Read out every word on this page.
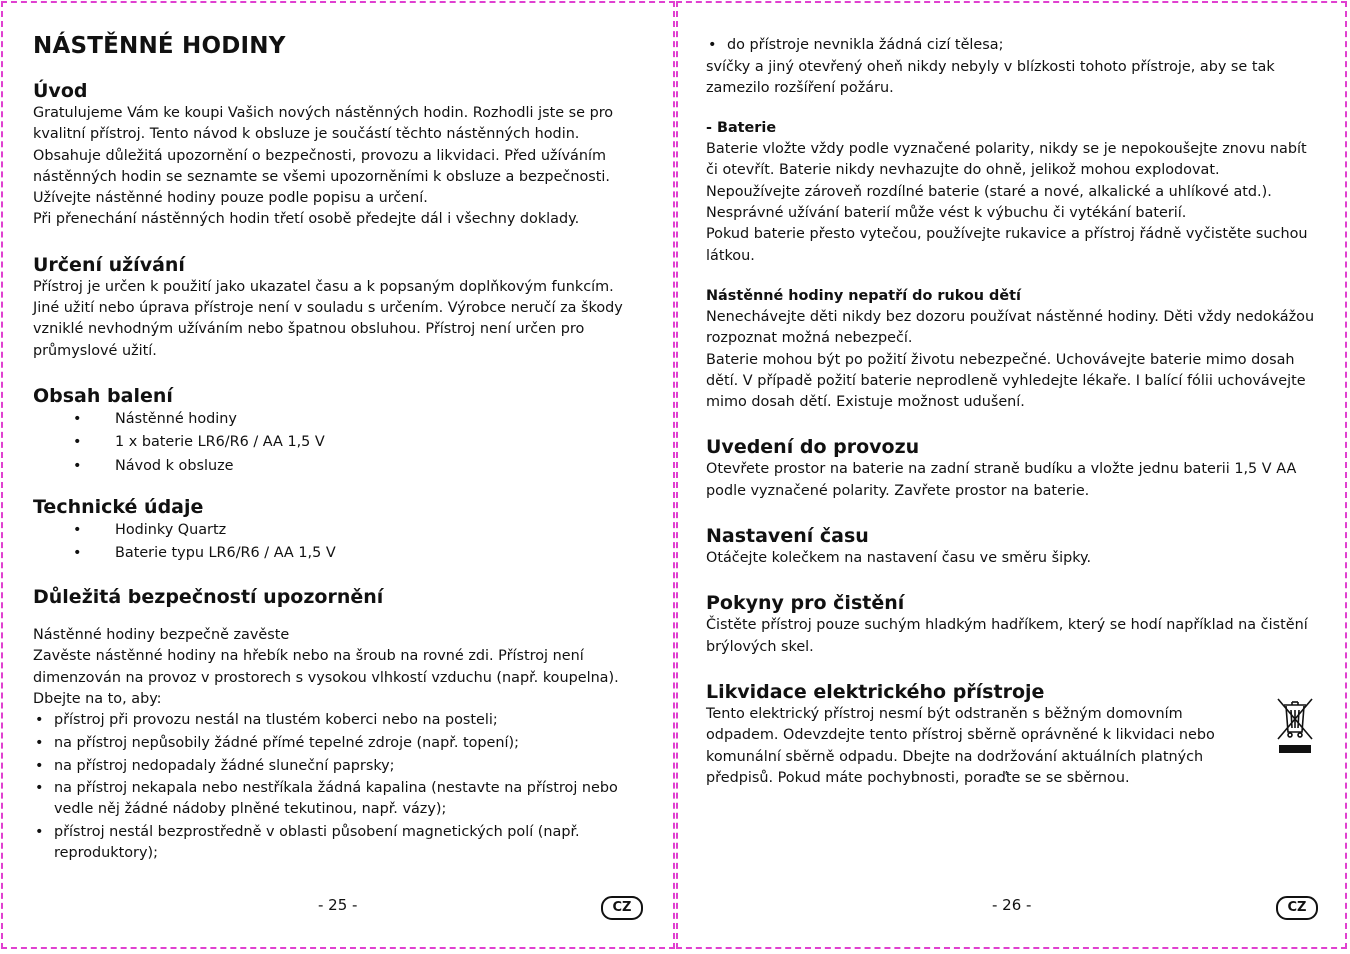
NÁSTĚNNÉ HODINY
Úvod

Gratulujeme Vám ke koupi Vašich nových nástěnných hodin. Rozhodli jste se pro kvalitní přístroj. Tento návod k obsluze je součástí těchto nástěnných hodin. Obsahuje důležitá upozornění o bezpečnosti, provozu a likvidaci. Před užíváním nástěnných hodin se seznamte se všemi upozorněními k obsluze a bezpečnosti. Užívejte nástěnné hodiny pouze podle popisu a určení.

Při přenechání nástěnných hodin třetí osobě předejte dál i všechny doklady.

Určení užívání

Přístroj je určen k použití jako ukazatel času a k popsaným doplňkovým funkcím. Jiné užití nebo úprava přístroje není v souladu s určením. Výrobce neručí za škody vzniklé nevhodným užíváním nebo špatnou obsluhou. Přístroj není určen pro průmyslové užití.

Obsah balení
• Nástěnné hodiny
• 1 x baterie LR6/R6 / AA 1,5 V
• Návod k obsluze
Technické údaje
• Hodinky Quartz
• Baterie typu LR6/R6 / AA 1,5 V
Důležitá bezpečností upozornění
Nástěnné hodiny bezpečně zavěste

Zavěste nástěnné hodiny na hřebík nebo na šroub na rovné zdi. Přístroj není dimenzován na provoz v prostorech s vysokou vlhkostí vzduchu (např. koupelna). Dbejte na to, aby:

• přístroj při provozu nestál na tlustém koberci nebo na posteli;
• na přístroj nepůsobily žádné přímé tepelné zdroje (např. topení);
• na přístroj nedopadaly žádné sluneční paprsky;
• na přístroj nekapala nebo nestříkala žádná kapalina (nestavte na přístroj nebo vedle něj žádné nádoby plněné tekutinou, např. vázy);
• přístroj nestál bezprostředně v oblasti působení magnetických polí (např. reproduktory);
- 25 -	CZ
• do přístroje nevnikla žádná cizí tělesa;

svíčky a jiný otevřený oheň nikdy nebyly v blízkosti tohoto přístroje, aby se tak zamezilo rozšíření požáru.

- Baterie

Baterie vložte vždy podle vyznačené polarity, nikdy se je nepokoušejte znovu nabít či otevřít. Baterie nikdy nevhazujte do ohně, jelikož mohou explodovat. Nepoužívejte zároveň rozdílné baterie (staré a nové, alkalické a uhlíkové atd.).

Nesprávné užívání baterií může vést k výbuchu či vytékání baterií.

Pokud baterie přesto vytečou, používejte rukavice a přístroj řádně vyčistěte suchou látkou.

Nástěnné hodiny nepatří do rukou dětí

Nenechávejte děti nikdy bez dozoru používat nástěnné hodiny. Děti vždy nedokážou rozpoznat možná nebezpečí.

Baterie mohou být po požití životu nebezpečné. Uchovávejte baterie mimo dosah dětí. V případě požití baterie neprodleně vyhledejte lékaře. I balící fólii uchovávejte mimo dosah dětí. Existuje možnost udušení.

Uvedení do provozu

Otevřete prostor na baterie na zadní straně budíku a vložte jednu baterii 1,5 V AA podle vyznačené polarity. Zavřete prostor na baterie.

Nastavení času

Otáčejte kolečkem na nastavení času ve směru šipky.

Pokyny pro čistění

Čistěte přístroj pouze suchým hladkým hadříkem, který se hodí například na čistění brýlových skel.

Likvidace elektrického přístroje

Tento elektrický přístroj nesmí být odstraněn s běžným domovním odpadem. Odevzdejte tento přístroj sběrně oprávněné k likvidaci nebo komunální sběrně odpadu. Dbejte na dodržování aktuálních platných předpisů. Pokud máte pochybnosti, poraďte se se sběrnou.

- 26 -	CZ
